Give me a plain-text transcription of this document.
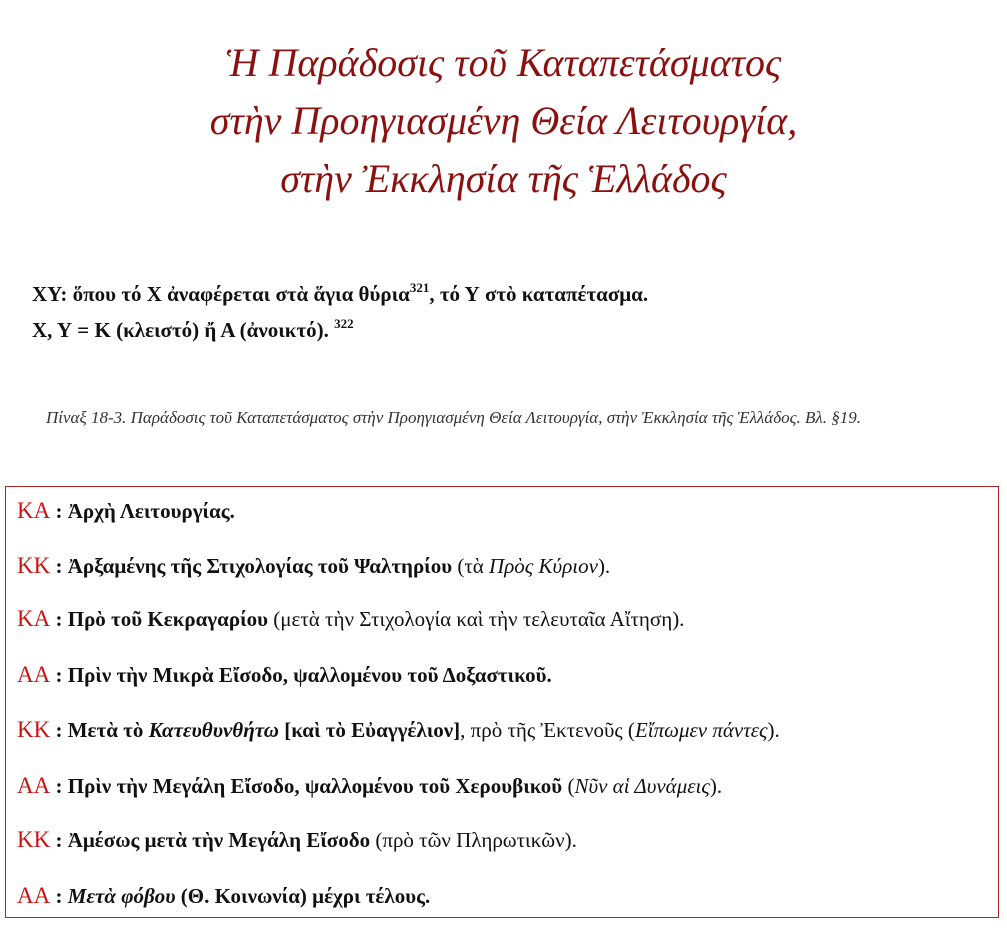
Ἡ Παράδοσις τοῦ Καταπετάσματος
στὴν Προηγιασμένη Θεία Λειτουργία,
στὴν Ἐκκλησία τῆς Ἑλλάδος
ΧΥ: ὅπου τό Χ ἀναφέρεται στὰ ἅγια θύρια$^{321}$, τό Υ στὸ καταπέτασμα.
Χ, Υ = Κ (κλειστό) ἤ Α (ἀνοικτό). $^{322}$
Πίναξ 18-3. Παράδοσις τοῦ Καταπετάσματος στὴν Προηγιασμένη Θεία Λειτουργία, στὴν Ἐκκλησία τῆς Ἑλλάδος. Βλ. §19.
ΚΑ : Ἀρχὴ Λειτουργίας.
ΚΚ : Ἀρξαμένης τῆς Στιχολογίας τοῦ Ψαλτηρίου (τὰ Πρὸς Κύριον).
ΚΑ : Πρὸ τοῦ Κεκραγαρίου (μετὰ τὴν Στιχολογία καὶ τὴν τελευταῖα Αἴτηση).
ΑΑ : Πρὶν τὴν Μικρὰ Εἴσοδο, ψαλλομένου τοῦ Δοξαστικοῦ.
ΚΚ : Μετὰ τὸ Κατευθυνθήτω [καὶ τὸ Εὐαγγέλιον], πρὸ τῆς Ἐκτενοῦς (Εἴπωμεν πάντες).
ΑΑ : Πρὶν τὴν Μεγάλη Εἴσοδο, ψαλλομένου τοῦ Χερουβικοῦ (Νῦν αἱ Δυνάμεις).
ΚΚ : Ἀμέσως μετὰ τὴν Μεγάλη Εἴσοδο (πρὸ τῶν Πληρωτικῶν).
ΑΑ : Μετὰ φόβου (Θ. Κοινωνία) μέχρι τέλους.
